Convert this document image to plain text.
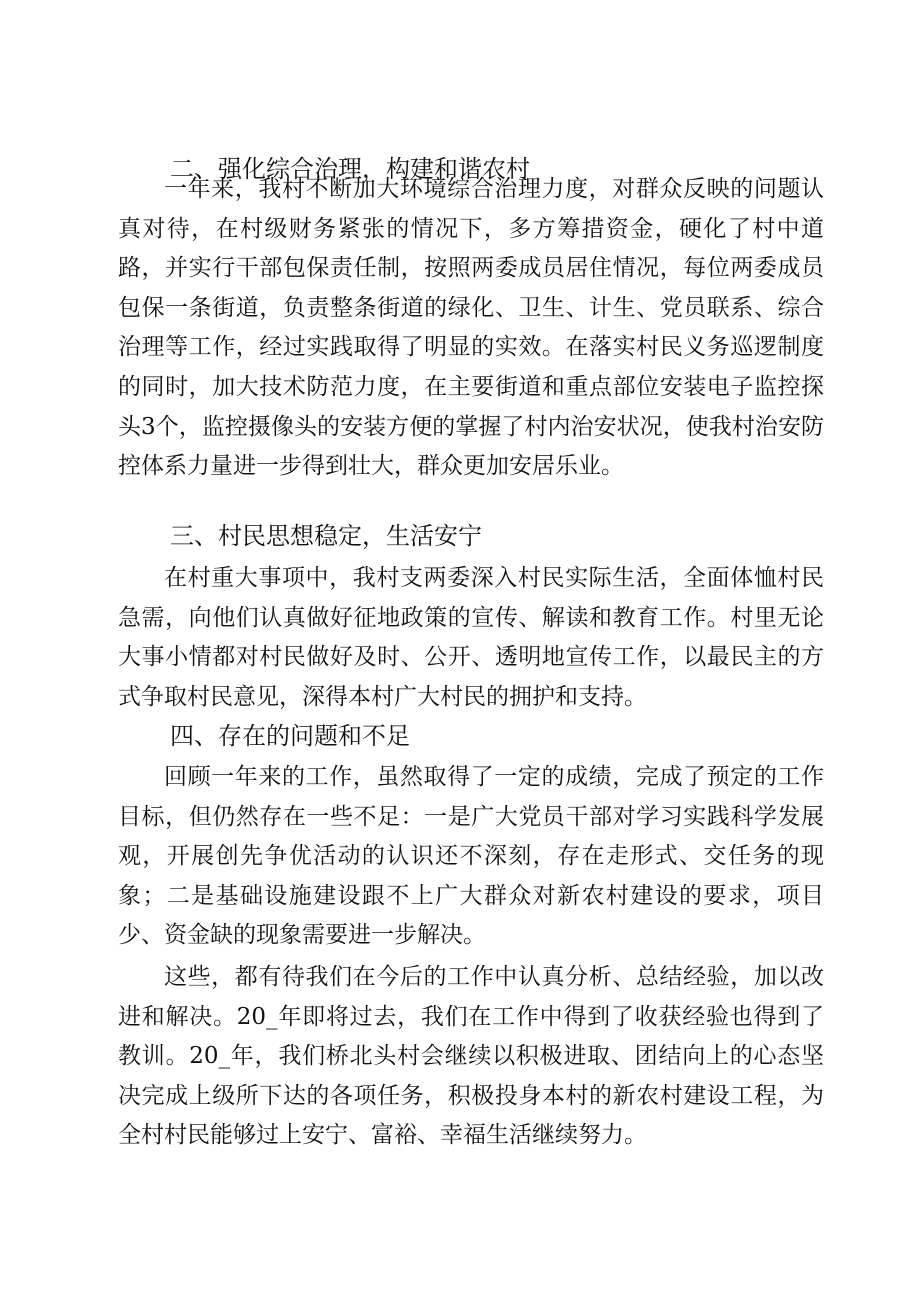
二、强化综合治理，构建和谐农村

一年来，我村不断加大环境综合治理力度，对群众反映的问题认真对待，在村级财务紧张的情况下，多方筹措资金，硬化了村中道路，并实行干部包保责任制，按照两委成员居住情况，每位两委成员包保一条街道，负责整条街道的绿化、卫生、计生、党员联系、综合治理等工作，经过实践取得了明显的实效。在落实村民义务巡逻制度的同时，加大技术防范力度，在主要街道和重点部位安装电子监控探头3个，监控摄像头的安装方便的掌握了村内治安状况，使我村治安防控体系力量进一步得到壮大，群众更加安居乐业。

三、村民思想稳定，生活安宁

在村重大事项中，我村支两委深入村民实际生活，全面体恤村民急需，向他们认真做好征地政策的宣传、解读和教育工作。村里无论大事小情都对村民做好及时、公开、透明地宣传工作，以最民主的方式争取村民意见，深得本村广大村民的拥护和支持。

四、存在的问题和不足

回顾一年来的工作，虽然取得了一定的成绩，完成了预定的工作目标，但仍然存在一些不足：一是广大党员干部对学习实践科学发展观，开展创先争优活动的认识还不深刻，存在走形式、交任务的现象；二是基础设施建设跟不上广大群众对新农村建设的要求，项目少、资金缺的现象需要进一步解决。

这些，都有待我们在今后的工作中认真分析、总结经验，加以改进和解决。20_年即将过去，我们在工作中得到了收获经验也得到了教训。20_年，我们桥北头村会继续以积极进取、团结向上的心态坚决完成上级所下达的各项任务，积极投身本村的新农村建设工程，为全村村民能够过上安宁、富裕、幸福生活继续努力。
